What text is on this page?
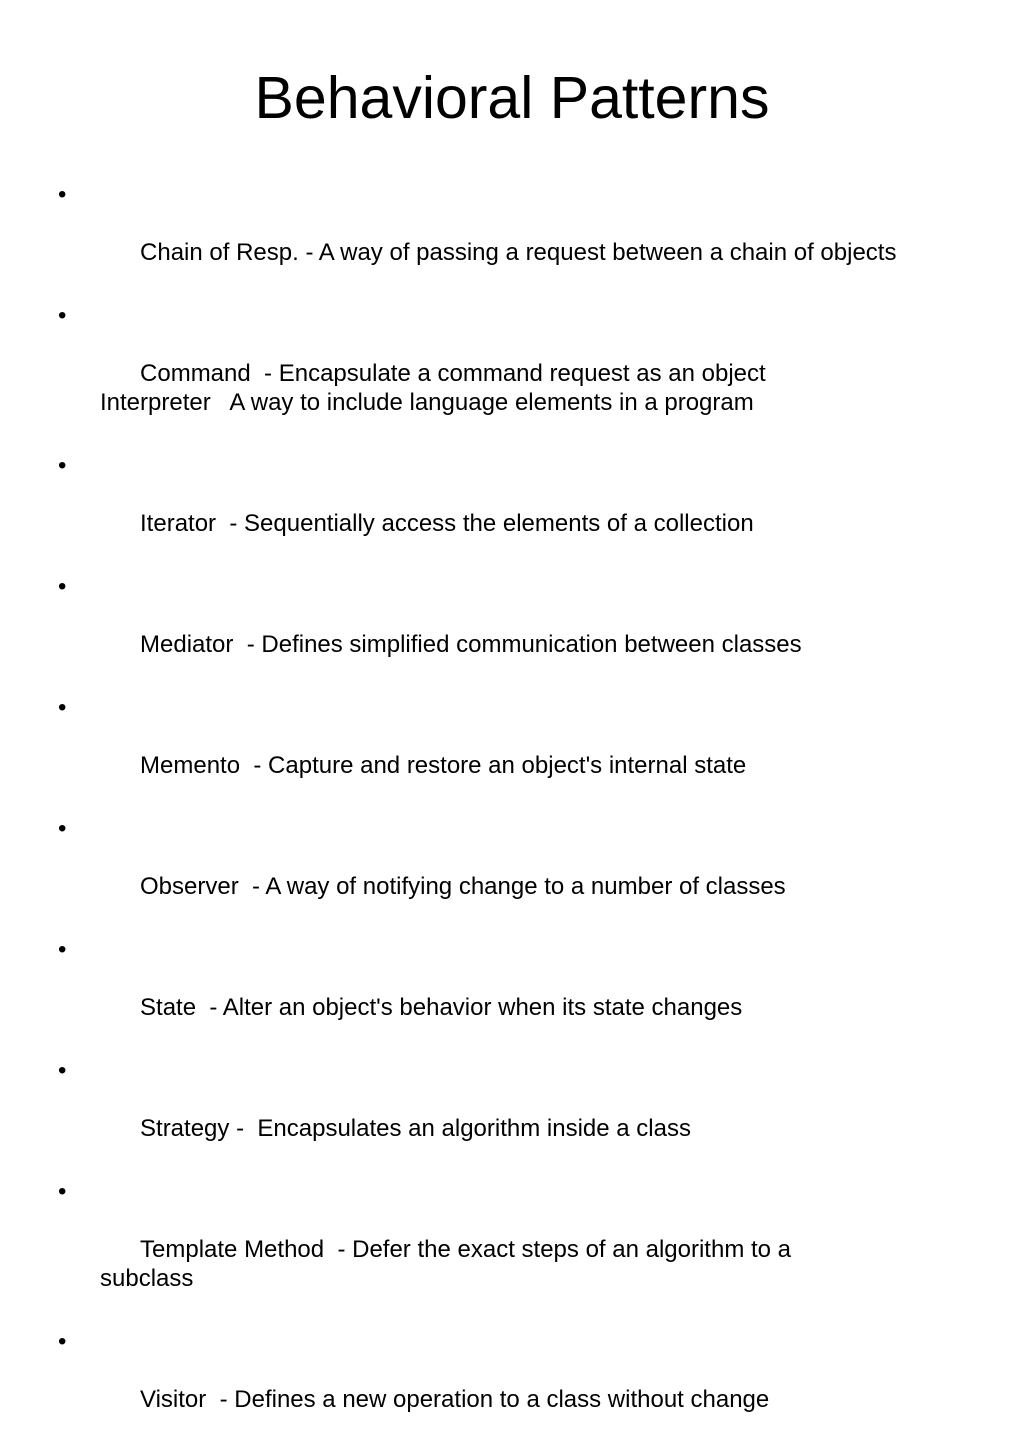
Behavioral Patterns

•

Chain of Resp. - A way of passing a request between a chain of objects

•

Command  - Encapsulate a command request as an object   Interpreter   A way to include language elements in a program

•

Iterator  - Sequentially access the elements of a collection

•

Mediator  - Defines simplified communication between classes

•

Memento  - Capture and restore an object's internal state

•

Observer  - A way of notifying change to a number of classes

•

State  - Alter an object's behavior when its state changes

•

Strategy -  Encapsulates an algorithm inside a class

•

Template Method  - Defer the exact steps of an algorithm to a subclass

•

Visitor  - Defines a new operation to a class without change
